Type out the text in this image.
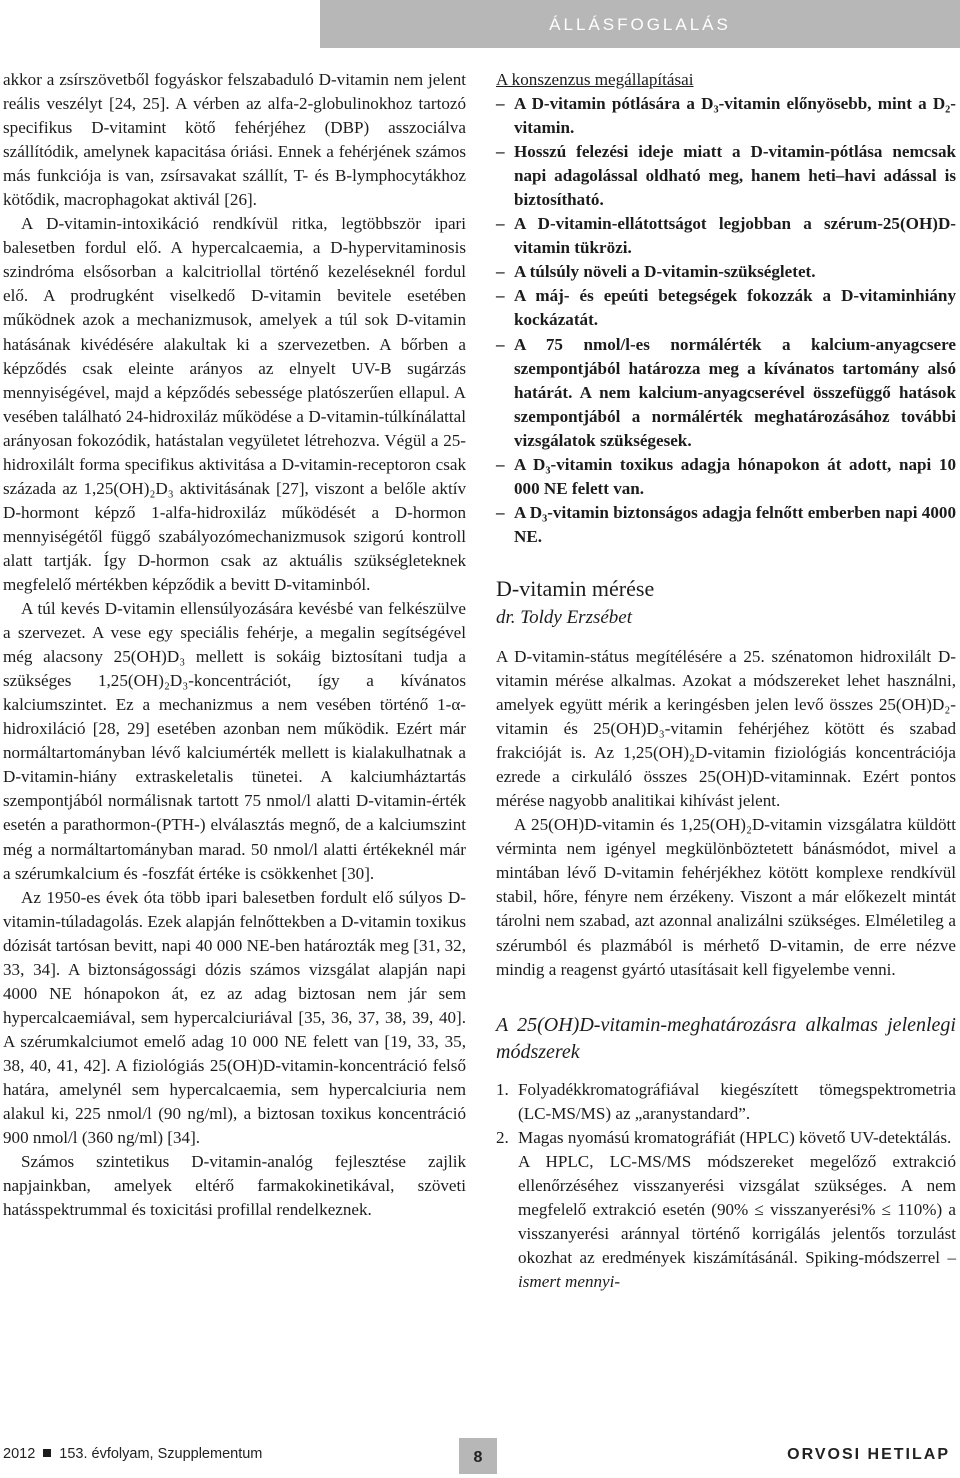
ÁLLÁSFOGLALÁS

akkor a zsírszövetből fogyáskor felszabaduló D-vitamin nem jelent reális veszélyt [24, 25]. A vérben az alfa-2-globulinokhoz tartozó specifikus D-vitamint kötő fehérjéhez (DBP) asszociálva szállítódik, amelynek kapacitása óriási. Ennek a fehérjének számos más funkciója is van, zsírsavakat szállít, T- és B-lymphocytákhoz kötődik, macrophagokat aktivál [26].

A D-vitamin-intoxikáció rendkívül ritka, legtöbbször ipari balesetben fordul elő. A hypercalcaemia, a D-hypervitaminosis szindróma elsősorban a kalcitriollal történő kezeléseknél fordul elő. A prodrugként viselkedő D-vitamin bevitele esetében működnek azok a mechanizmusok, amelyek a túl sok D-vitamin hatásának kivédésére alakultak ki a szervezetben. A bőrben a képződés csak eleinte arányos az elnyelt UV-B sugárzás mennyiségével, majd a képződés sebessége platószerűen ellapul. A vesében található 24-hidroxiláz működése a D-vitamin-túlkínálattal arányosan fokozódik, hatástalan vegyületet létrehozva. Végül a 25-hidroxilált forma specifikus aktivitása a D-vitamin-receptoron csak százada az 1,25(OH)₂D₃ aktivitásának [27], viszont a belőle aktív D-hormont képző 1-alfa-hidroxiláz működését a D-hormon mennyiségétől függő szabályozómechanizmusok szigorú kontroll alatt tartják. Így D-hormon csak az aktuális szükségleteknek megfelelő mértékben képződik a bevitt D-vitaminból.

A túl kevés D-vitamin ellensúlyozására kevésbé van felkészülve a szervezet. A vese egy speciális fehérje, a megalin segítségével még alacsony 25(OH)D₃ mellett is sokáig biztosítani tudja a szükséges 1,25(OH)₂D₃-koncentrációt, így a kívánatos kalciumszintet. Ez a mechanizmus a nem vesében történő 1-α-hidroxiláció [28, 29] esetében azonban nem működik. Ezért már normáltartományban lévő kalciumérték mellett is kialakulhatnak a D-vitamin-hiány extraskeletalis tünetei. A kalciumháztartás szempontjából normálisnak tartott 75 nmol/l alatti D-vitamin-érték esetén a parathormon-(PTH-) elválasztás megnő, de a kalciumszint még a normáltartományban marad. 50 nmol/l alatti értékeknél már a szérumkalcium és -foszfát értéke is csökkenhet [30].

Az 1950-es évek óta több ipari balesetben fordult elő súlyos D-vitamin-túladagolás. Ezek alapján felnőttekben a D-vitamin toxikus dózisát tartósan bevitt, napi 40 000 NE-ben határozták meg [31, 32, 33, 34]. A biztonságossági dózis számos vizsgálat alapján napi 4000 NE hónapokon át, ez az adag biztosan nem jár sem hypercalcaemiával, sem hypercalciuriával [35, 36, 37, 38, 39, 40]. A szérumkalciumot emelő adag 10 000 NE felett van [19, 33, 35, 38, 40, 41, 42]. A fiziológiás 25(OH)D-vitamin-koncentráció felső határa, amelynél sem hypercalcaemia, sem hypercalciuria nem alakul ki, 225 nmol/l (90 ng/ml), a biztosan toxikus koncentráció 900 nmol/l (360 ng/ml) [34].

Számos szintetikus D-vitamin-analóg fejlesztése zajlik napjainkban, amelyek eltérő farmakokinetikával, szöveti hatásspektrummal és toxicitási profillal rendelkeznek.

A konszenzus megállapításai

– A D-vitamin pótlására a D₃-vitamin előnyösebb, mint a D₂-vitamin.
– Hosszú felezési ideje miatt a D-vitamin-pótlása nemcsak napi adagolással oldható meg, hanem heti–havi adással is biztosítható.
– A D-vitamin-ellátottságot legjobban a szérum-25(OH)D-vitamin tükrözi.
– A túlsúly növeli a D-vitamin-szükségletet.
– A máj- és epeúti betegségek fokozzák a D-vitaminhiány kockázatát.
– A 75 nmol/l-es normálérték a kalcium-anyagcsere szempontjából határozza meg a kívánatos tartomány alsó határát. A nem kalcium-anyagcserével összefüggő hatások szempontjából a normálérték meghatározásához további vizsgálatok szükségesek.
– A D₃-vitamin toxikus adagja hónapokon át adott, napi 10 000 NE felett van.
– A D₃-vitamin biztonságos adagja felnőtt emberben napi 4000 NE.
D-vitamin mérése
dr. Toldy Erzsébet

A D-vitamin-státus megítélésére a 25. szénatomon hidroxilált D-vitamin mérése alkalmas. Azokat a módszereket lehet használni, amelyek együtt mérik a keringésben jelen levő összes 25(OH)D₂-vitamin és 25(OH)D₃-vitamin fehérjéhez kötött és szabad frakcióját is. Az 1,25(OH)₂D-vitamin fiziológiás koncentrációja ezrede a cirkuláló összes 25(OH)D-vitaminnak. Ezért pontos mérése nagyobb analitikai kihívást jelent.

A 25(OH)D-vitamin és 1,25(OH)₂D-vitamin vizsgálatra küldött vérminta nem igényel megkülönböztetett bánásmódot, mivel a mintában lévő D-vitamin fehérjékhez kötött komplexe rendkívül stabil, hőre, fényre nem érzékeny. Viszont a már előkezelt mintát tárolni nem szabad, azt azonnal analizálni szükséges. Elméletileg a szérumból és plazmából is mérhető D-vitamin, de erre nézve mindig a reagenst gyártó utasításait kell figyelembe venni.

A 25(OH)D-vitamin-meghatározásra alkalmas jelenlegi módszerek
1. Folyadékkromatográfiával kiegészített tömegspektrometria (LC-MS/MS) az „aranystandard”.
2. Magas nyomású kromatográfiát (HPLC) követő UV-detektálás.
A HPLC, LC-MS/MS módszereket megelőző extrakció ellenőrzéséhez visszanyerési vizsgálat szükséges. A nem megfelelő extrakció esetén (90% ≤ visszanyerési% ≤ 110%) a visszanyerési aránnyal történő korrigálás jelentős torzulást okozhat az eredmények kiszámításánál. Spiking-módszerrel – ismert mennyi-
2012 153. évfolyam, Szupplementum	8	ORVOSI HETILAP
